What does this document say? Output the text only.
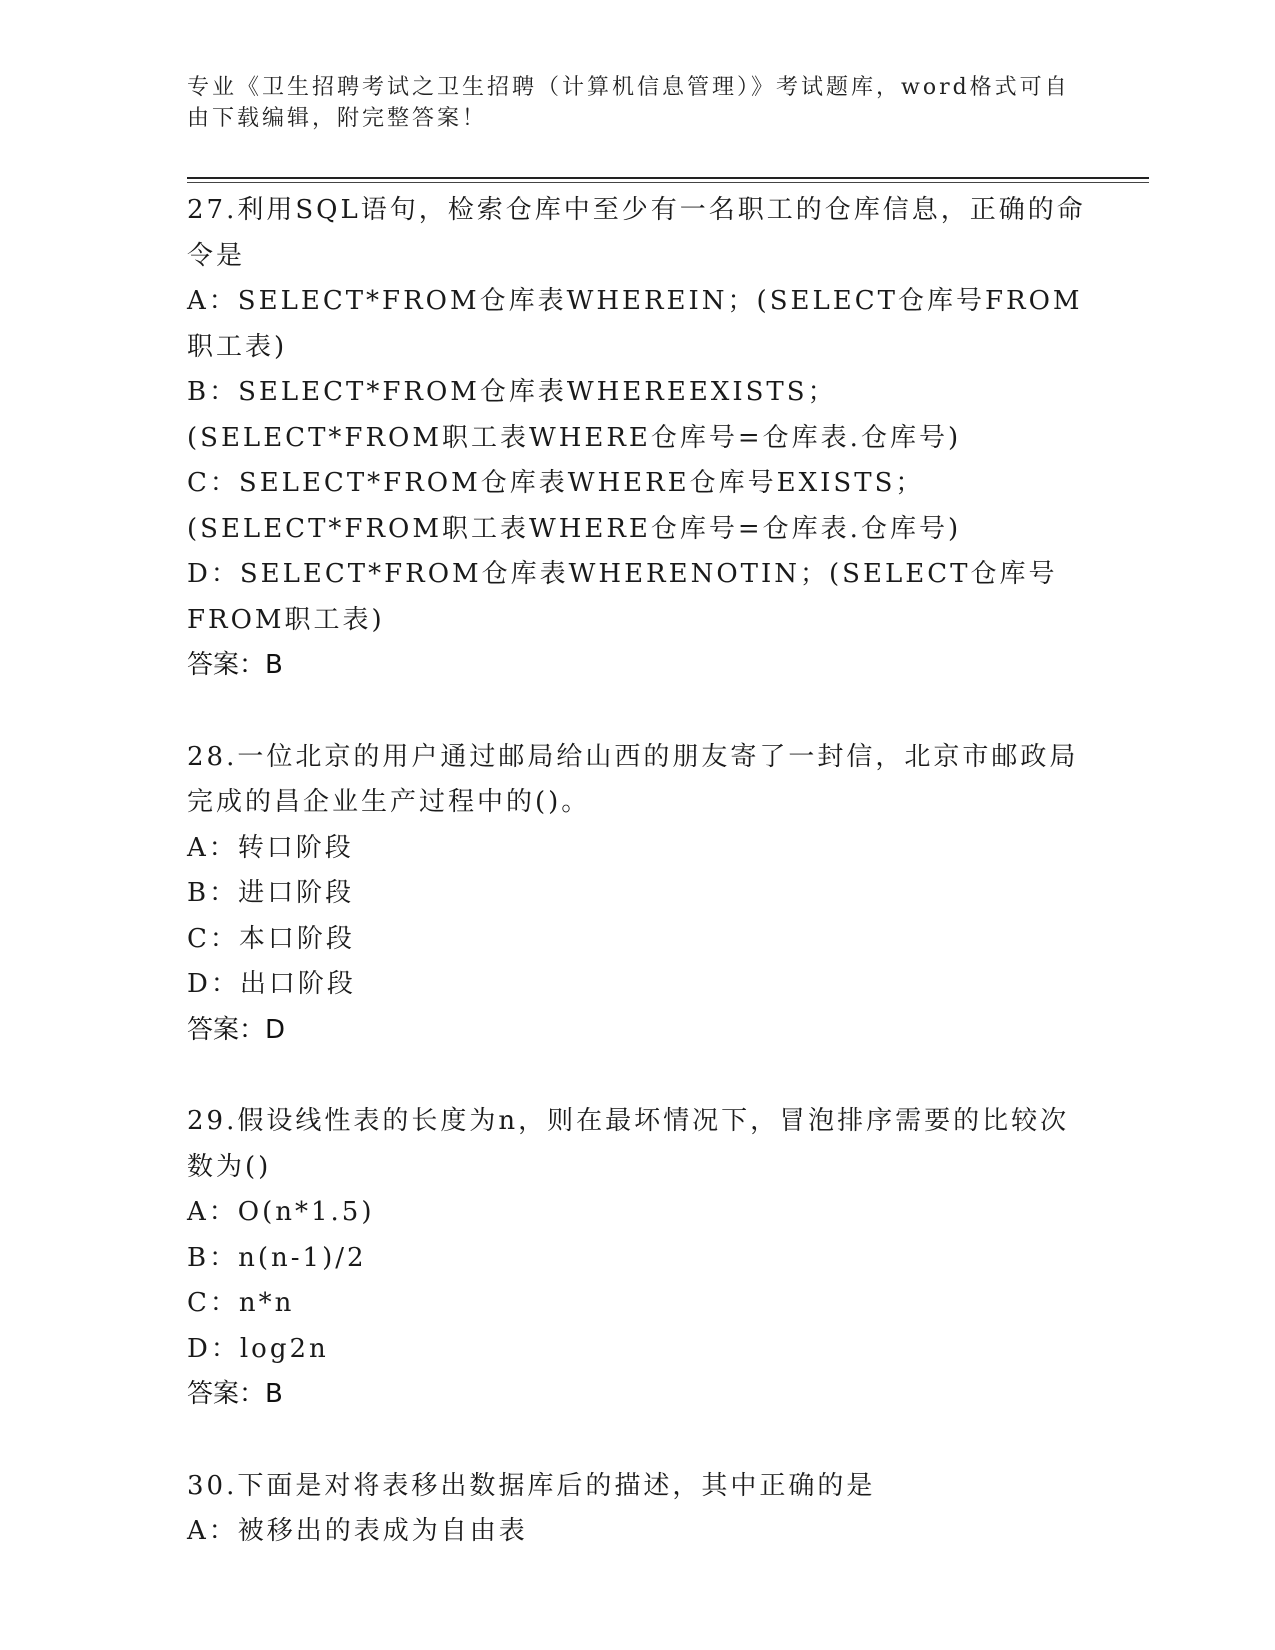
专业《卫生招聘考试之卫生招聘（计算机信息管理）》考试题库，word格式可自由下载编辑，附完整答案！
27.利用SQL语句，检索仓库中至少有一名职工的仓库信息，正确的命令是
A：SELECT*FROM仓库表WHEREIN；(SELECT仓库号FROM职工表)
B：SELECT*FROM仓库表WHEREEXISTS；(SELECT*FROM职工表WHERE仓库号=仓库表.仓库号)
C：SELECT*FROM仓库表WHERE仓库号EXISTS；(SELECT*FROM职工表WHERE仓库号=仓库表.仓库号)
D：SELECT*FROM仓库表WHERENOTIN；(SELECT仓库号FROM职工表)
答案：B
28.一位北京的用户通过邮局给山西的朋友寄了一封信，北京市邮政局完成的昌企业生产过程中的()。
A：转口阶段
B：进口阶段
C：本口阶段
D：出口阶段
答案：D
29.假设线性表的长度为n，则在最坏情况下，冒泡排序需要的比较次数为()
A：O(n*1.5)
B：n(n-1)/2
C：n*n
D：log2n
答案：B
30.下面是对将表移出数据库后的描述，其中正确的是
A：被移出的表成为自由表
